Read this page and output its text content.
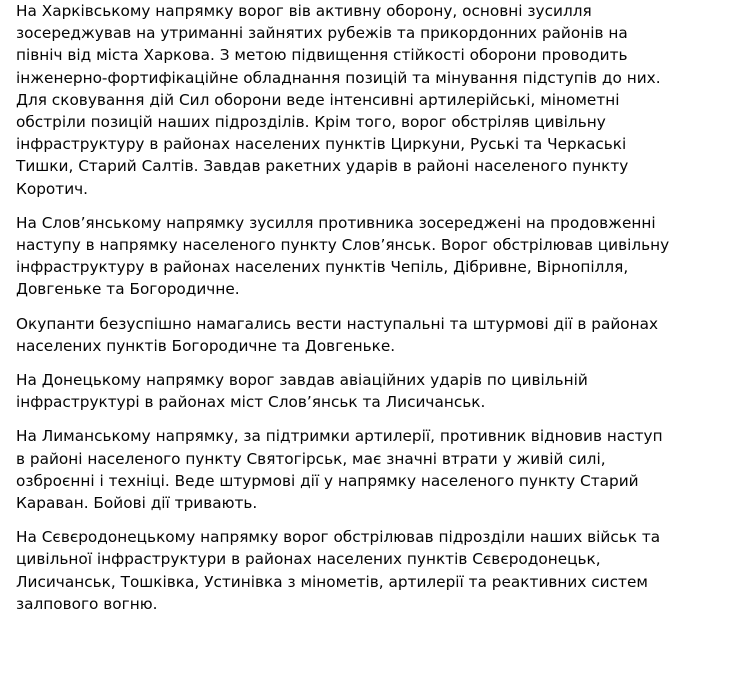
На Харківському напрямку ворог вів активну оборону, основні зусилля
зосереджував на утриманні зайнятих рубежів та прикордонних районів на
північ від міста Харкова. З метою підвищення стійкості оборони проводить
інженерно-фортифікаційне обладнання позицій та мінування підступів до них.
Для сковування дій Сил оборони веде інтенсивні артилерійські, мінометні
обстріли позицій наших підрозділів. Крім того, ворог обстріляв цивільну
інфраструктуру в районах населених пунктів Циркуни, Руські та Черкаські
Тишки, Старий Салтів. Завдав ракетних ударів в районі населеного пункту
Коротич.

На Слов’янському напрямку зусилля противника зосереджені на продовженні
наступу в напрямку населеного пункту Слов’янськ. Ворог обстрілював цивільну
інфраструктуру в районах населених пунктів Чепіль, Дібривне, Вірнопілля,
Довгеньке та Богородичне.

Окупанти безуспішно намагались вести наступальні та штурмові дії в районах
населених пунктів Богородичне та Довгеньке.

На Донецькому напрямку ворог завдав авіаційних ударів по цивільній
інфраструктурі в районах міст Слов’янськ та Лисичанськ.

На Лиманському напрямку, за підтримки артилерії, противник відновив наступ
в районі населеного пункту Святогірськ, має значні втрати у живій силі,
озброєнні і техніці. Веде штурмові дії у напрямку населеного пункту Старий
Караван. Бойові дії тривають.

На Сєвєродонецькому напрямку ворог обстрілював підрозділи наших військ та
цивільної інфраструктури в районах населених пунктів Сєвєродонецьк,
Лисичанськ, Тошківка, Устинівка з мінометів, артилерії та реактивних систем
залпового вогню.
